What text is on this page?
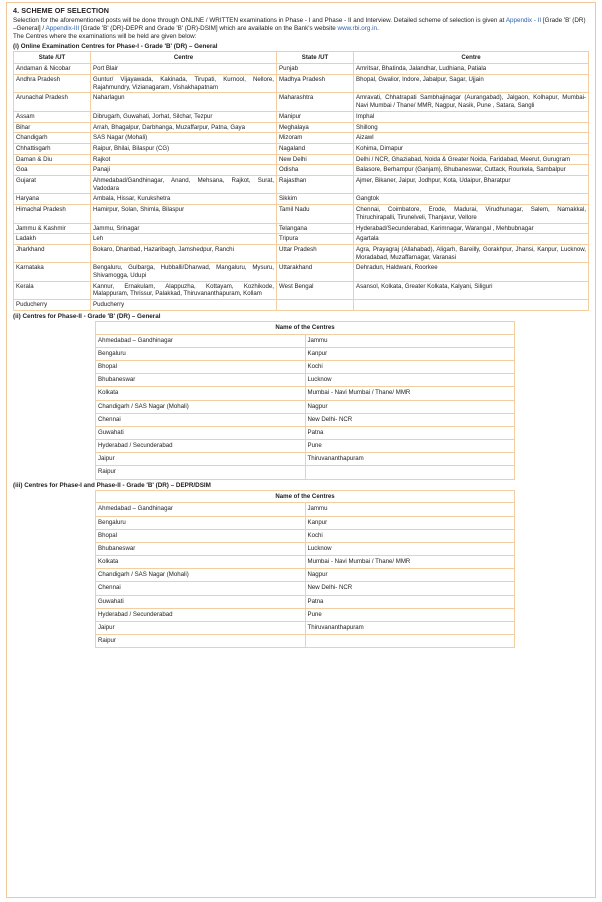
4. SCHEME OF SELECTION
Selection for the aforementioned posts will be done through ONLINE / WRITTEN examinations in Phase - I and Phase - II and Interview. Detailed scheme of selection is given at Appendix - II [Grade 'B' (DR) –General] / Appendix-III [Grade 'B' (DR)-DEPR and Grade 'B' (DR)-DSIM] which are available on the Bank's website www.rbi.org.in.
The Centres where the examinations will be held are given below:
(i) Online Examination Centres for Phase-I - Grade 'B' (DR) – General
State /UT	Centre	State /UT	Centre
Andaman & Nicobar	Port Blair	Punjab	Amritsar, Bhatinda, Jalandhar, Ludhiana, Patiala
Andhra Pradesh	Guntur/ Vijayawada, Kakinada, Tirupati, Kurnool, Nellore, Rajahmundry, Vizianagaram, Vishakhapatnam	Madhya Pradesh	Bhopal, Gwalior, Indore, Jabalpur, Sagar, Ujjain
Arunachal Pradesh	Naharlagun	Maharashtra	Amravati, Chhatrapati Sambhajinagar (Aurangabad), Jalgaon, Kolhapur, Mumbai-Navi Mumbai / Thane/ MMR, Nagpur, Nasik, Pune , Satara, Sangli
Assam	Dibrugarh, Guwahati, Jorhat, Silchar, Tezpur	Manipur	Imphal
Bihar	Arrah, Bhagalpur, Darbhanga, Muzaffarpur, Patna, Gaya	Meghalaya	Shillong
Chandigarh	SAS Nagar (Mohali)	Mizoram	Aizawl
Chhattisgarh	Raipur, Bhilai, Bilaspur (CG)	Nagaland	Kohima, Dimapur
Daman & Diu	Rajkot	New Delhi	Delhi / NCR, Ghaziabad, Noida & Greater Noida, Faridabad, Meerut, Gurugram
Goa	Panaji	Odisha	Balasore, Berhampur (Ganjam), Bhubaneswar, Cuttack, Rourkela, Sambalpur
Gujarat	Ahmedabad/Gandhinagar, Anand, Mehsana, Rajkot, Surat, Vadodara	Rajasthan	Ajmer, Bikaner, Jaipur, Jodhpur, Kota, Udaipur, Bharatpur
Haryana	Ambala, Hissar, Kurukshetra	Sikkim	Gangtok
Himachal Pradesh	Hamirpur, Solan, Shimla, Bilaspur	Tamil Nadu	Chennai, Coimbatore, Erode, Madurai, Virudhunagar, Salem, Namakkal, Thiruchirapalli, Tirunelveli, Thanjavur, Vellore
Jammu & Kashmir	Jammu, Srinagar	Telangana	Hyderabad/Secunderabad, Karimnagar, Warangal , Mehbubnagar
Ladakh	Leh	Tripura	Agartala
Jharkhand	Bokaro, Dhanbad, Hazaribagh, Jamshedpur, Ranchi	Uttar Pradesh	Agra, Prayagraj (Allahabad), Aligarh, Bareilly, Gorakhpur, Jhansi, Kanpur, Lucknow, Moradabad, Muzaffarnagar, Varanasi
Karnataka	Bengaluru, Gulbarga, Hubballi/Dharwad, Mangaluru, Mysuru, Shivamogga, Udupi	Uttarakhand	Dehradun, Haldwani, Roorkee
Kerala	Kannur, Ernakulam, Alappuzha, Kottayam, Kozhikode, Malappuram, Thrissur, Palakkad, Thiruvananthapuram, Kollam	West Bengal	Asansol, Kolkata, Greater Kolkata, Kalyani, Siliguri
Puducherry	Puducherry		
(ii) Centres for Phase-II - Grade 'B' (DR) – General
Name of the Centres	
Ahmedabad – Gandhinagar	Jammu
Bengaluru	Kanpur
Bhopal	Kochi
Bhubaneswar	Lucknow
Kolkata	Mumbai - Navi Mumbai / Thane/ MMR
Chandigarh / SAS Nagar (Mohali)	Nagpur
Chennai	New Delhi- NCR
Guwahati	Patna
Hyderabad / Secunderabad	Pune
Jaipur	Thiruvananthapuram
Raipur	
(iii) Centres for Phase-I and Phase-II - Grade 'B' (DR) – DEPR/DSIM
Name of the Centres	
Ahmedabad – Gandhinagar	Jammu
Bengaluru	Kanpur
Bhopal	Kochi
Bhubaneswar	Lucknow
Kolkata	Mumbai - Navi Mumbai / Thane/ MMR
Chandigarh / SAS Nagar (Mohali)	Nagpur
Chennai	New Delhi- NCR
Guwahati	Patna
Hyderabad / Secunderabad	Pune
Jaipur	Thiruvananthapuram
Raipur	
